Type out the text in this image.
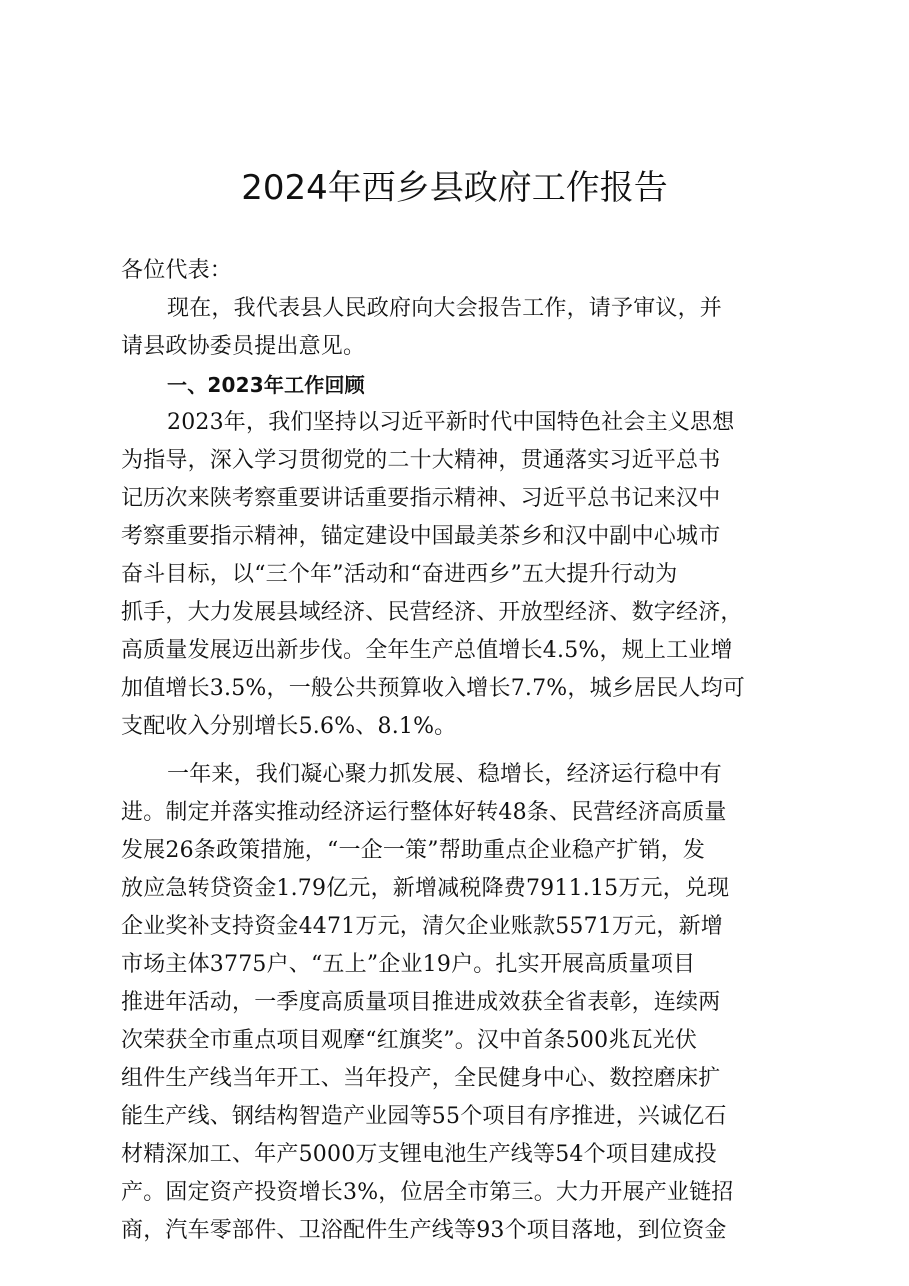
2024年西乡县政府工作报告
各位代表：
现在，我代表县人民政府向大会报告工作，请予审议，并
请县政协委员提出意见。
一、2023年工作回顾
2023年，我们坚持以习近平新时代中国特色社会主义思想
为指导，深入学习贯彻党的二十大精神，贯通落实习近平总书
记历次来陕考察重要讲话重要指示精神、习近平总书记来汉中
考察重要指示精神，锚定建设中国最美茶乡和汉中副中心城市
奋斗目标，以“三个年”活动和“奋进西乡”五大提升行动为
抓手，大力发展县域经济、民营经济、开放型经济、数字经济，
高质量发展迈出新步伐。全年生产总值增长4.5%，规上工业增
加值增长3.5%，一般公共预算收入增长7.7%，城乡居民人均可
支配收入分别增长5.6%、8.1%。
一年来，我们凝心聚力抓发展、稳增长，经济运行稳中有
进。制定并落实推动经济运行整体好转48条、民营经济高质量
发展26条政策措施，“一企一策”帮助重点企业稳产扩销，发
放应急转贷资金1.79亿元，新增减税降费7911.15万元，兑现
企业奖补支持资金4471万元，清欠企业账款5571万元，新增
市场主体3775户、“五上”企业19户。扎实开展高质量项目
推进年活动，一季度高质量项目推进成效获全省表彰，连续两
次荣获全市重点项目观摩“红旗奖”。汉中首条500兆瓦光伏
组件生产线当年开工、当年投产，全民健身中心、数控磨床扩
能生产线、钢结构智造产业园等55个项目有序推进，兴诚亿石
材精深加工、年产5000万支锂电池生产线等54个项目建成投
产。固定资产投资增长3%，位居全市第三。大力开展产业链招
商，汽车零部件、卫浴配件生产线等93个项目落地，到位资金
